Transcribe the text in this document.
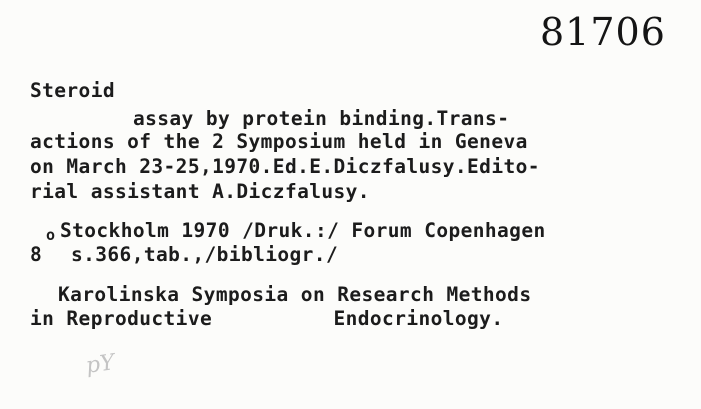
81706
Steroid
assay by protein binding.Trans-
actions of the 2 Symposium held in Geneva
on March 23-25,1970.Ed.E.Diczfalusy.Edito-
rial assistant A.Diczfalusy.
Stockholm 1970 /Druk.:/ Forum Copenhagen
8
o
s.366,tab.,/bibliogr./
Karolinska Symposia on Research Methods
in Reproductive          Endocrinology.
pY
